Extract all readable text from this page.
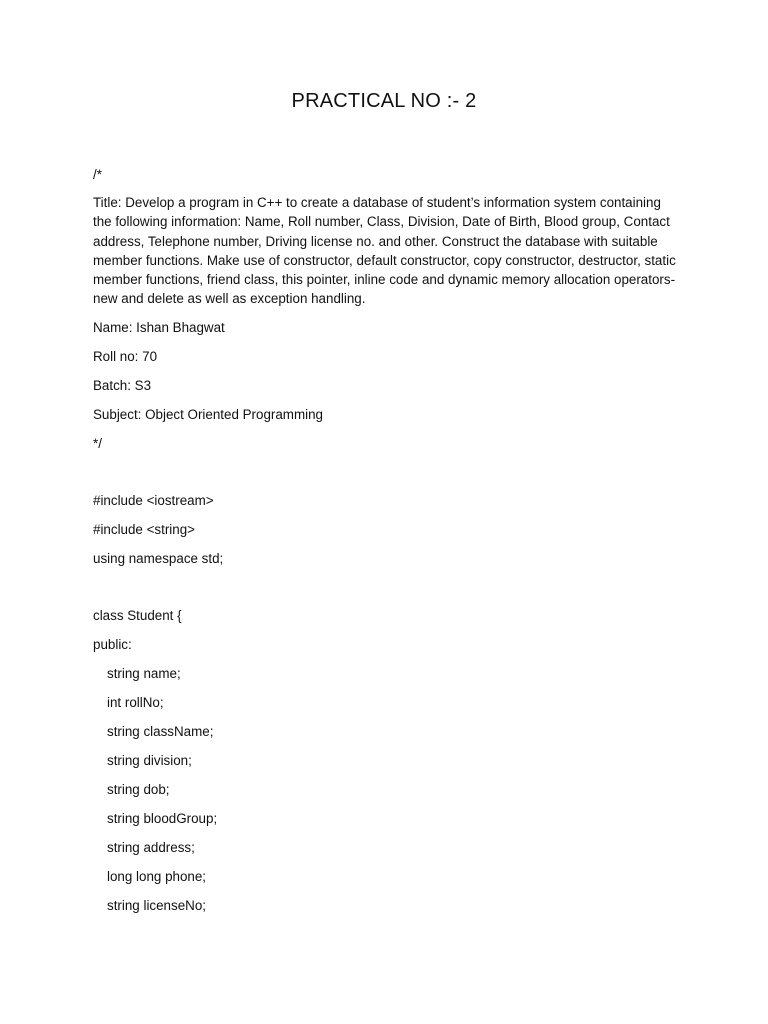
PRACTICAL NO :- 2

/*

Title: Develop a program in C++ to create a database of student’s information system containing the following information: Name, Roll number, Class, Division, Date of Birth, Blood group, Contact address, Telephone number, Driving license no. and other. Construct the database with suitable member functions. Make use of constructor, default constructor, copy constructor, destructor, static member functions, friend class, this pointer, inline code and dynamic memory allocation operators-new and delete as well as exception handling.

Name: Ishan Bhagwat

Roll no: 70

Batch: S3

Subject: Object Oriented Programming

*/

#include <iostream>

#include <string>

using namespace std;

class Student {

public:

string name;

int rollNo;

string className;

string division;

string dob;

string bloodGroup;

string address;

long long phone;

string licenseNo;
